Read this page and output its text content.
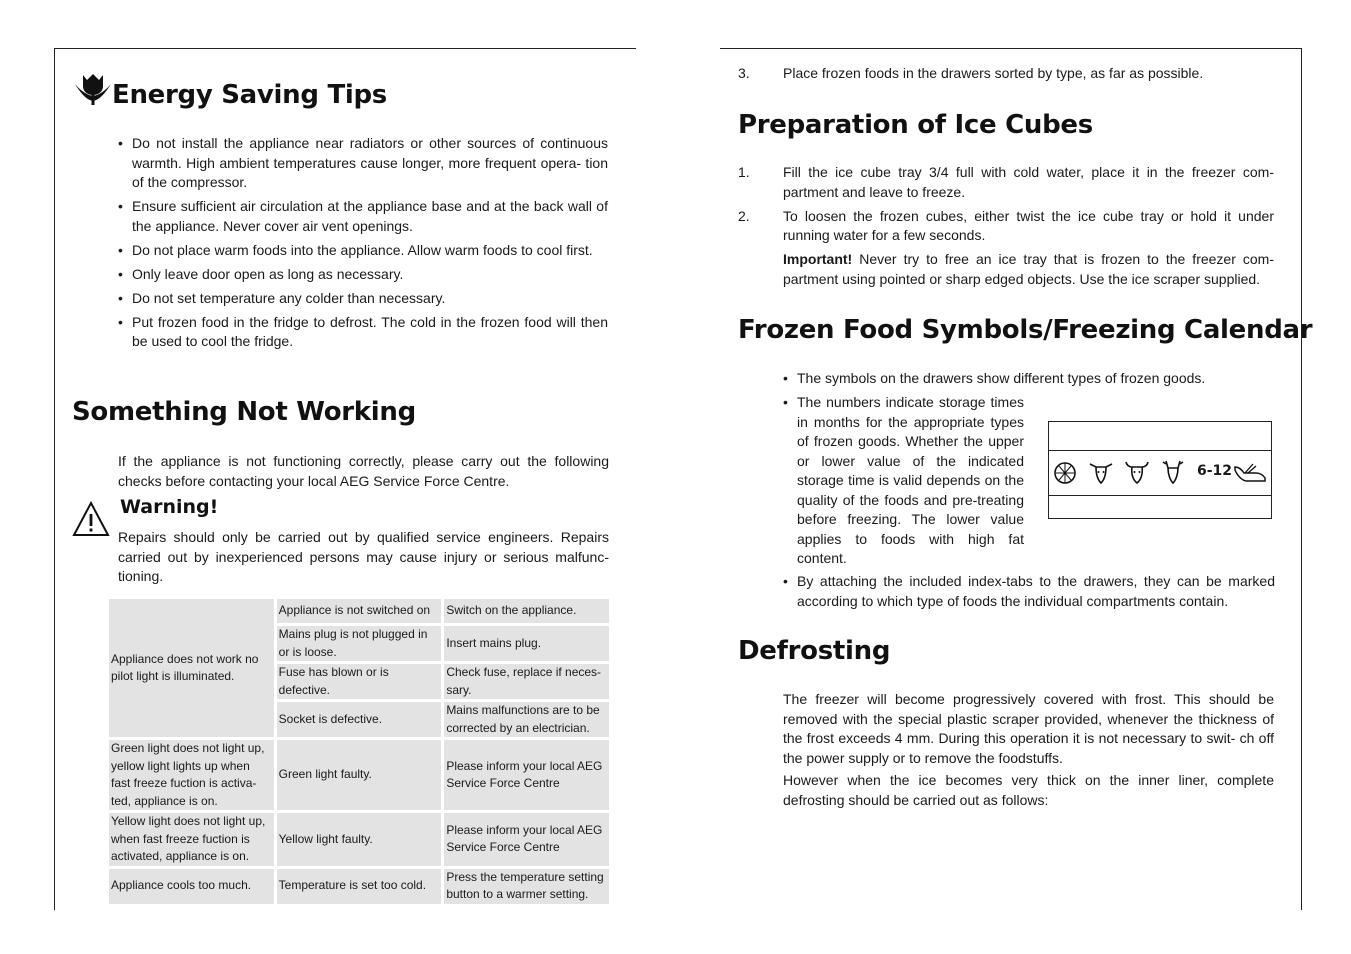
Energy Saving Tips
• Do not install the appliance near radiators or other sources of continuous warmth. High ambient temperatures cause longer, more frequent opera- tion of the compressor.
• Ensure sufficient air circulation at the appliance base and at the back wall of the appliance. Never cover air vent openings.
• Do not place warm foods into the appliance. Allow warm foods to cool first.
• Only leave door open as long as necessary.
• Do not set temperature any colder than necessary.
• Put frozen food in the fridge to defrost. The cold in the frozen food will then be used to cool the fridge.
Something Not Working
If the appliance is not functioning correctly, please carry out the following checks before contacting your local AEG Service Force Centre.
Warning!
Repairs should only be carried out by qualified service engineers. Repairs carried out by inexperienced persons may cause injury or serious malfunc- tioning.
Appliance does not work no pilot light is illuminated.	Appliance is not switched on	Switch on the appliance.
	Mains plug is not plugged in or is loose.	Insert mains plug.
	Fuse has blown or is defective.	Check fuse, replace if neces- sary.
	Socket is defective.	Mains malfunctions are to be corrected by an electrician.
Green light does not light up, yellow light lights up when fast freeze fuction is activa- ted, appliance is on.	Green light faulty.	Please inform your local AEG Service Force Centre
Yellow light does not light up, when fast freeze fuction is activated, appliance is on.	Yellow light faulty.	Please inform your local AEG Service Force Centre
Appliance cools too much.	Temperature is set too cold.	Press the temperature setting button to a warmer setting.
3. Place frozen foods in the drawers sorted by type, as far as possible.
Preparation of Ice Cubes
1. Fill the ice cube tray 3/4 full with cold water, place it in the freezer com- partment and leave to freeze.
2. To loosen the frozen cubes, either twist the ice cube tray or hold it under running water for a few seconds.
Important! Never try to free an ice tray that is frozen to the freezer com- partment using pointed or sharp edged objects. Use the ice scraper supplied.
Frozen Food Symbols/Freezing Calendar
• The symbols on the drawers show different types of frozen goods.
• The numbers indicate storage times in months for the appropriate types of frozen goods. Whether the upper or lower value of the indicated storage time is valid depends on the quality of the foods and pre-treating before freezing. The lower value applies to foods with high fat content.
6-12
• By attaching the included index-tabs to the drawers, they can be marked according to which type of foods the individual compartments contain.
Defrosting
The freezer will become progressively covered with frost. This should be removed with the special plastic scraper provided, whenever the thickness of the frost exceeds 4 mm. During this operation it is not necessary to swit- ch off the power supply or to remove the foodstuffs.
However when the ice becomes very thick on the inner liner, complete defrosting should be carried out as follows:
